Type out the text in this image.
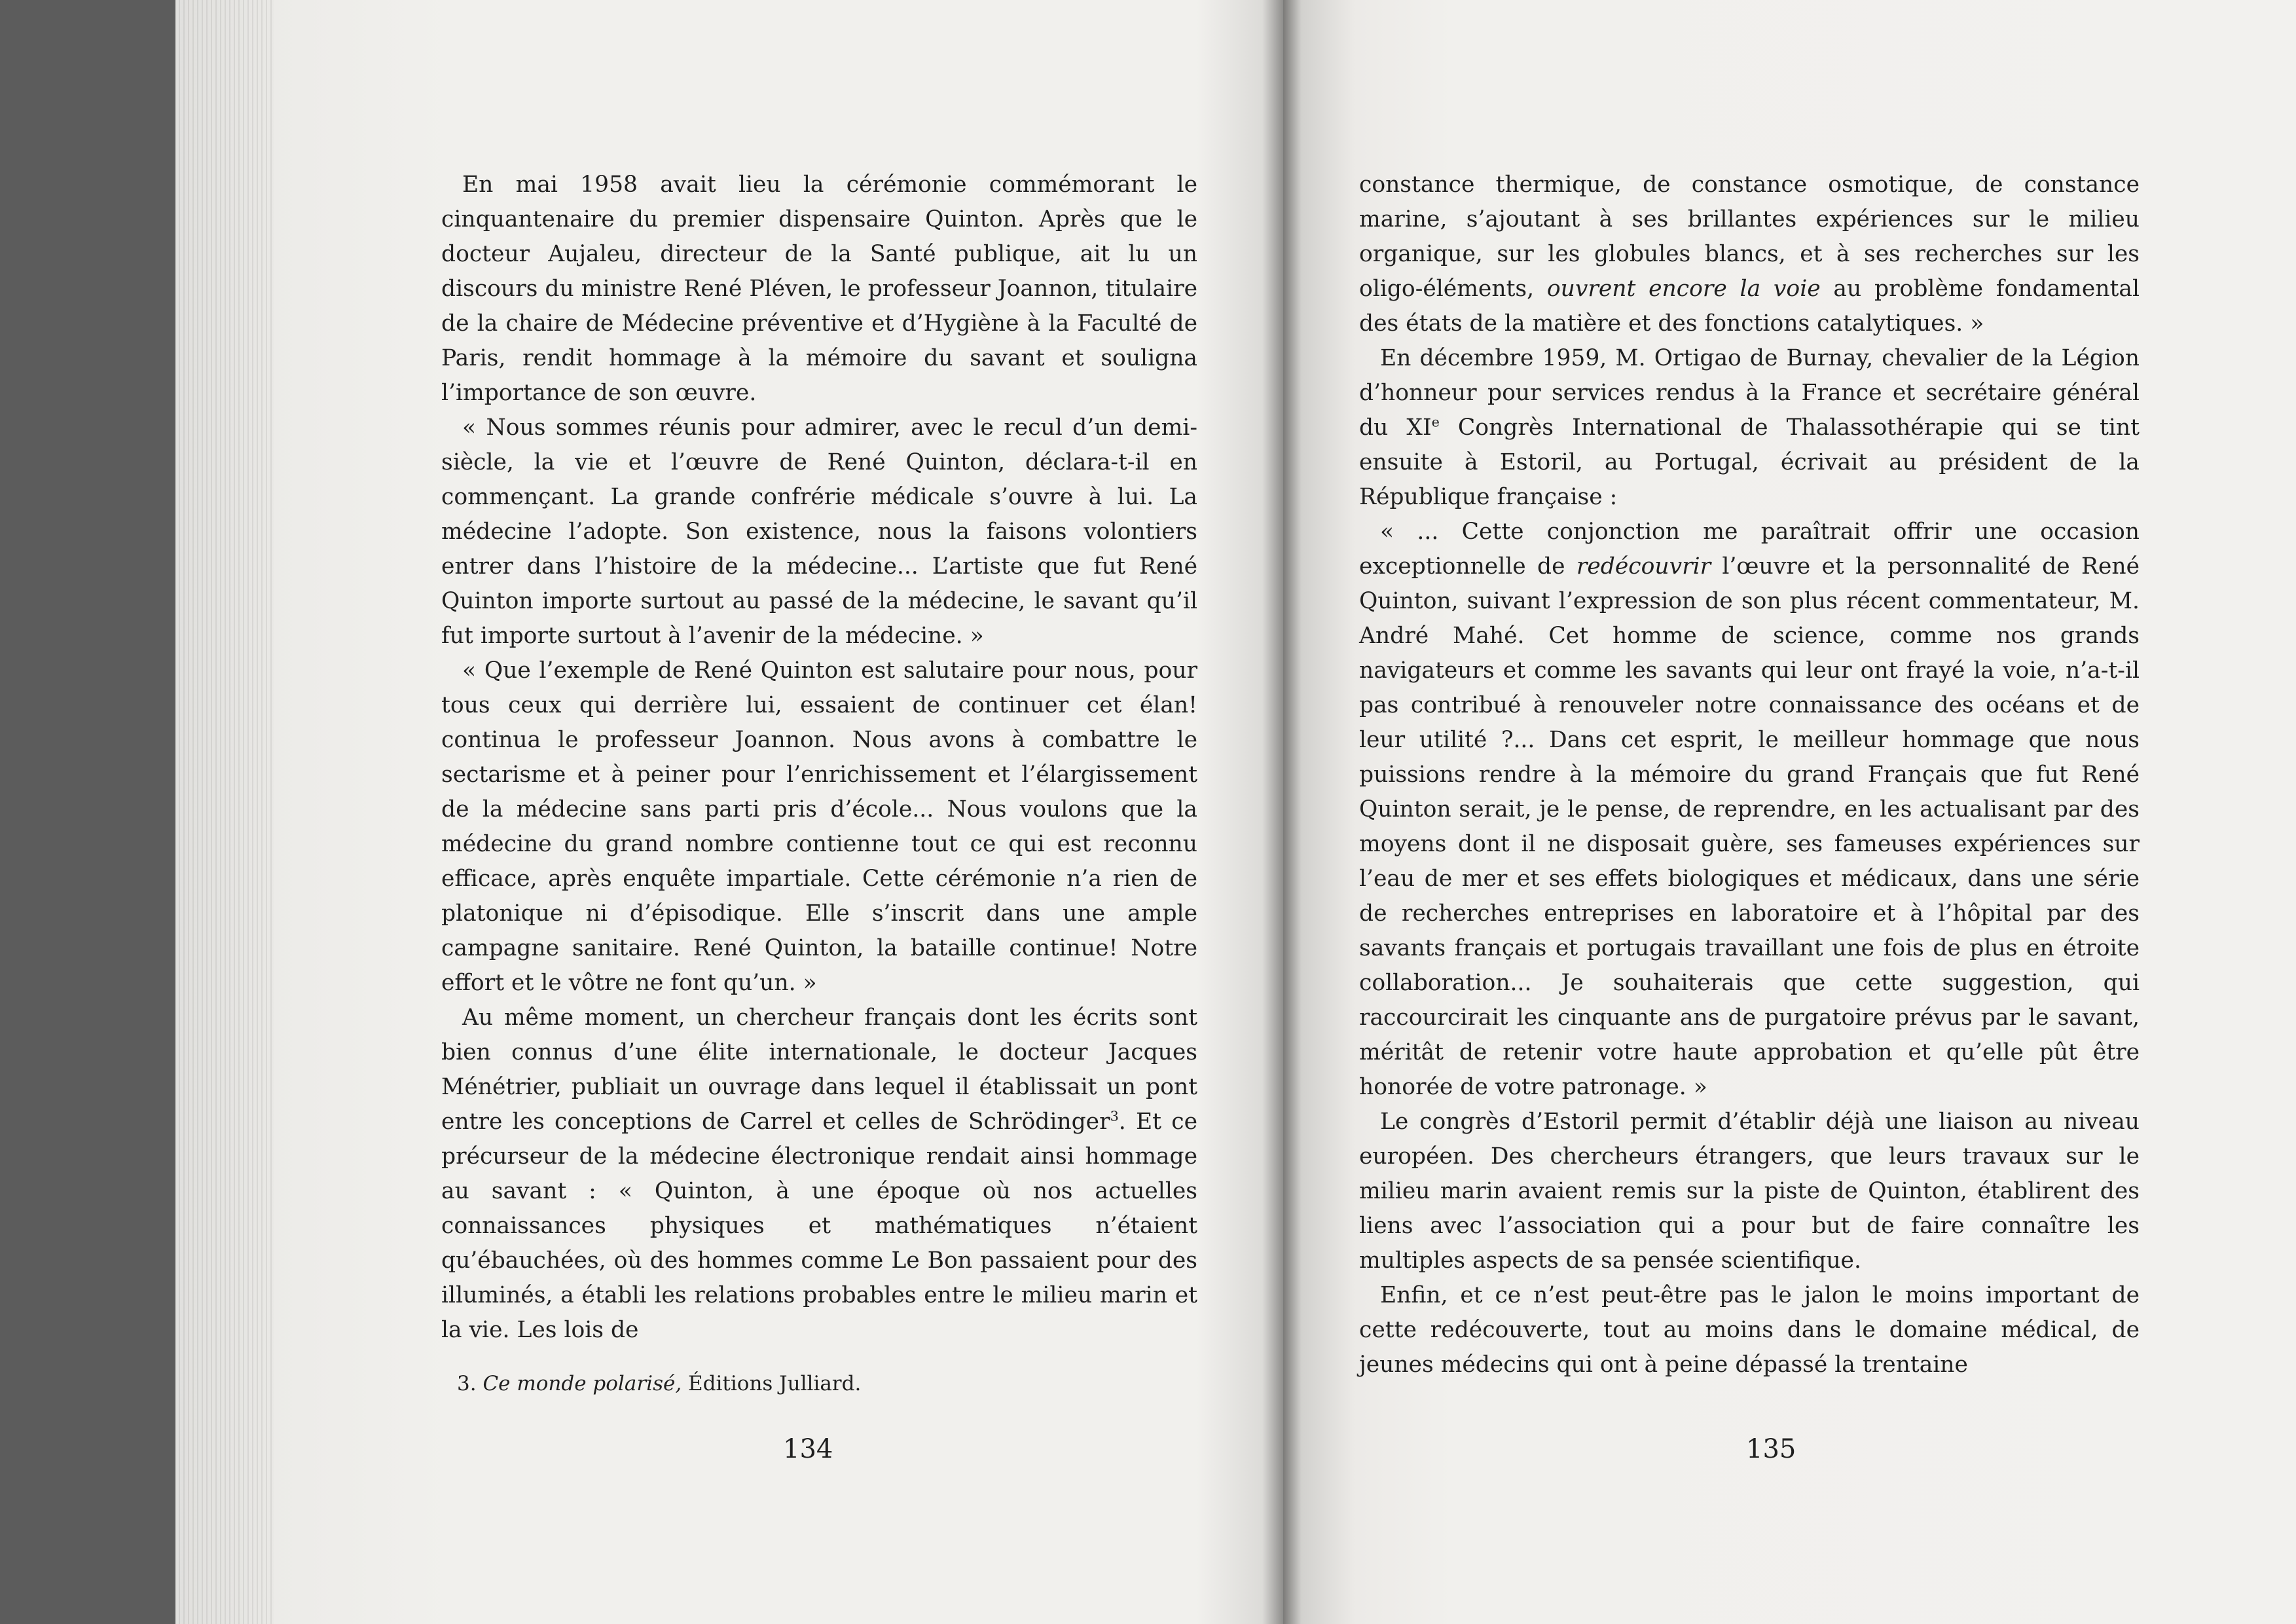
En mai 1958 avait lieu la cérémonie commémorant le cinquantenaire du premier dispensaire Quinton. Après que le docteur Aujaleu, directeur de la Santé publique, ait lu un discours du ministre René Pléven, le professeur Joannon, titulaire de la chaire de Médecine préventive et d’Hygiène à la Faculté de Paris, rendit hommage à la mémoire du savant et souligna l’importance de son œuvre.

« Nous sommes réunis pour admirer, avec le recul d’un demi-siècle, la vie et l’œuvre de René Quinton, déclara-t-il en commençant. La grande confrérie médicale s’ouvre à lui. La médecine l’adopte. Son existence, nous la faisons volontiers entrer dans l’histoire de la médecine... L’artiste que fut René Quinton importe surtout au passé de la médecine, le savant qu’il fut importe surtout à l’avenir de la médecine. »

« Que l’exemple de René Quinton est salutaire pour nous, pour tous ceux qui derrière lui, essaient de continuer cet élan! continua le professeur Joannon. Nous avons à combattre le sectarisme et à peiner pour l’enrichissement et l’élargissement de la médecine sans parti pris d’école... Nous voulons que la médecine du grand nombre contienne tout ce qui est reconnu efficace, après enquête impartiale. Cette cérémonie n’a rien de platonique ni d’épisodique. Elle s’inscrit dans une ample campagne sanitaire. René Quinton, la bataille continue! Notre effort et le vôtre ne font qu’un. »

Au même moment, un chercheur français dont les écrits sont bien connus d’une élite internationale, le docteur Jacques Ménétrier, publiait un ouvrage dans lequel il établissait un pont entre les conceptions de Carrel et celles de Schrödinger$^3$. Et ce précurseur de la médecine électronique rendait ainsi hommage au savant : « Quinton, à une époque où nos actuelles connaissances physiques et mathématiques n’étaient qu’ébauchées, où des hommes comme Le Bon passaient pour des illuminés, a établi les relations probables entre le milieu marin et la vie. Les lois de

3. Ce monde polarisé, Éditions Julliard.
134

constance thermique, de constance osmotique, de constance marine, s’ajoutant à ses brillantes expériences sur le milieu organique, sur les globules blancs, et à ses recherches sur les oligo-éléments, ouvrent encore la voie au problème fondamental des états de la matière et des fonctions catalytiques. »

En décembre 1959, M. Ortigao de Burnay, chevalier de la Légion d’honneur pour services rendus à la France et secrétaire général du XIe Congrès International de Thalassothérapie qui se tint ensuite à Estoril, au Portugal, écrivait au président de la République française :

« ... Cette conjonction me paraîtrait offrir une occasion exceptionnelle de redécouvrir l’œuvre et la personnalité de René Quinton, suivant l’expression de son plus récent commentateur, M. André Mahé. Cet homme de science, comme nos grands navigateurs et comme les savants qui leur ont frayé la voie, n’a-t-il pas contribué à renouveler notre connaissance des océans et de leur utilité ?... Dans cet esprit, le meilleur hommage que nous puissions rendre à la mémoire du grand Français que fut René Quinton serait, je le pense, de reprendre, en les actualisant par des moyens dont il ne disposait guère, ses fameuses expériences sur l’eau de mer et ses effets biologiques et médicaux, dans une série de recherches entreprises en laboratoire et à l’hôpital par des savants français et portugais travaillant une fois de plus en étroite collaboration... Je souhaiterais que cette suggestion, qui raccourcirait les cinquante ans de purgatoire prévus par le savant, méritât de retenir votre haute approbation et qu’elle pût être honorée de votre patronage. »

Le congrès d’Estoril permit d’établir déjà une liaison au niveau européen. Des chercheurs étrangers, que leurs travaux sur le milieu marin avaient remis sur la piste de Quinton, établirent des liens avec l’association qui a pour but de faire connaître les multiples aspects de sa pensée scientifique.

Enfin, et ce n’est peut-être pas le jalon le moins important de cette redécouverte, tout au moins dans le domaine médical, de jeunes médecins qui ont à peine dépassé la trentaine

135
